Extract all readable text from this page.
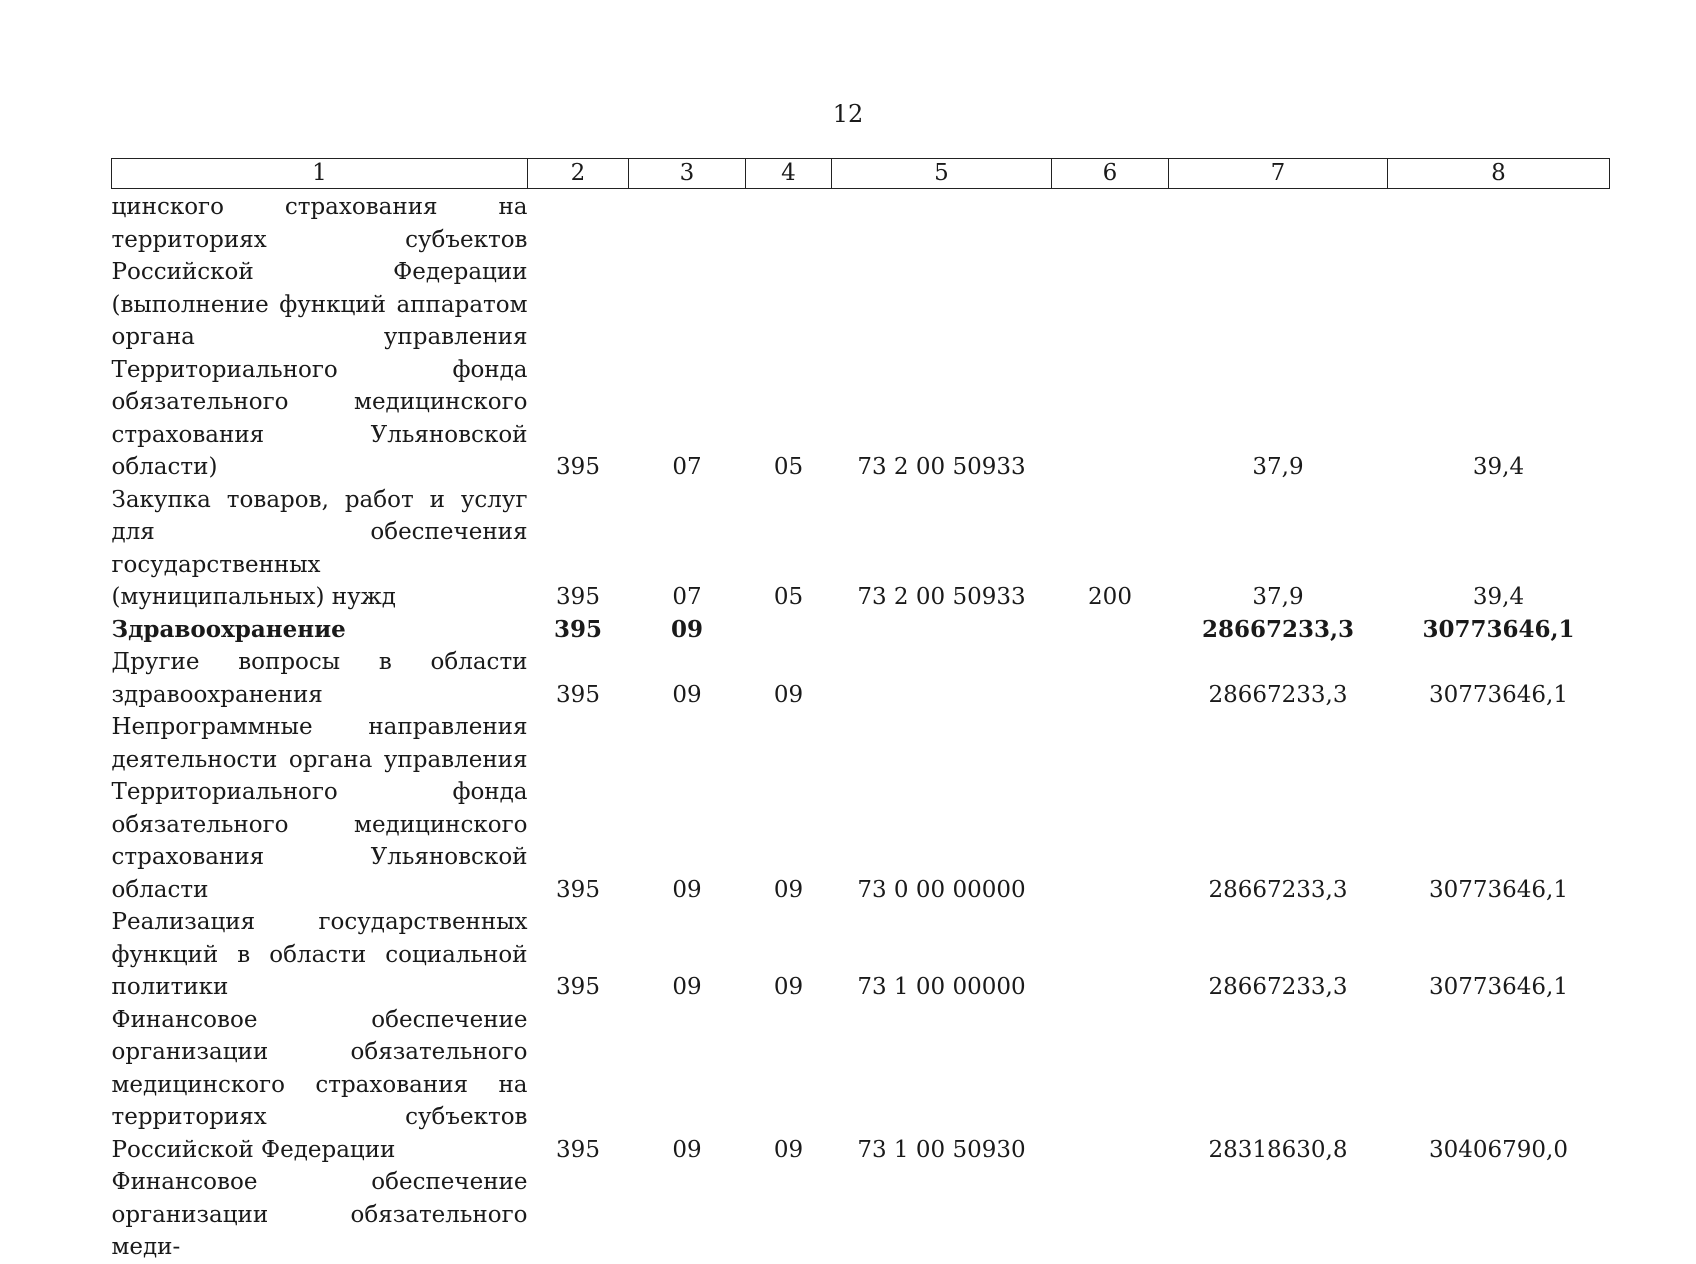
12
1	2	3	4	5	6	7	8
цинского страхования на территориях субъектов Российской Федерации (выполнение функций аппаратом органа управления Территориального фонда обязательного медицинского страхования Ульяновской области)	395	07	05	73 2 00 50933		37,9	39,4
Закупка товаров, работ и услуг для обеспечения государственных (муниципальных) нужд	395	07	05	73 2 00 50933	200	37,9	39,4
Здравоохранение	395	09				28667233,3	30773646,1
Другие вопросы в области здравоохранения	395	09	09			28667233,3	30773646,1
Непрограммные направления деятельности органа управления Территориального фонда обязательного медицинского страхования Ульяновской области	395	09	09	73 0 00 00000		28667233,3	30773646,1
Реализация государственных функций в области социальной политики	395	09	09	73 1 00 00000		28667233,3	30773646,1
Финансовое обеспечение организации обязательного медицинского страхования на территориях субъектов Российской Федерации	395	09	09	73 1 00 50930		28318630,8	30406790,0
Финансовое обеспечение организации обязательного меди-							
